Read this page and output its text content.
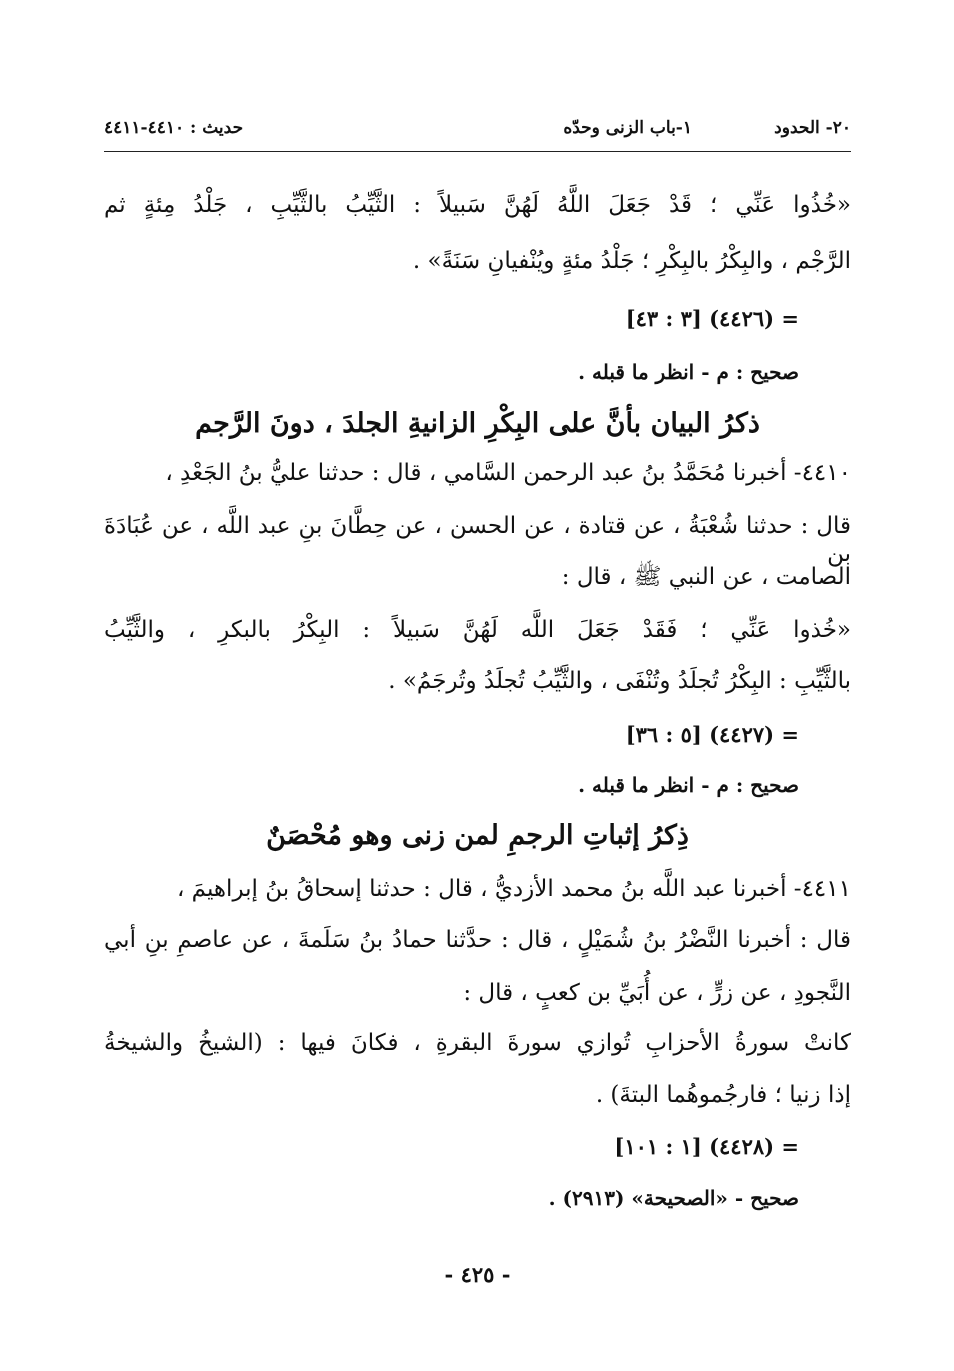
٢٠- الحدود
١-باب الزنى وحدّه
حديث : ٤٤١٠-٤٤١١
«خُذُوا عَنِّي ؛ قَدْ جَعَلَ اللَّهُ لَهُنَّ سَبيلاً : الثَّيِّبُ بالثَّيِّبِ ، جَلْدُ مِئةٍ ثم
الرَّجْم ، والبِكْرُ بالبِكْرِ ؛ جَلْدُ مئةٍ ويُنْفيانِ سَنَةً» .
= (٤٤٢٦) [٣ : ٤٣]
صحيح : م - انظر ما قبله .
ذكرُ البيان بأنَّ على البِكْرِ الزانيةِ الجلدَ ، دونَ الرَّجم
٤٤١٠- أخبرنا مُحَمَّدُ بنُ عبد الرحمن السَّامي ، قال : حدثنا عليُّ بنُ الجَعْدِ ،
قال : حدثنا شُعْبَةُ ، عن قتادة ، عن الحسن ، عن حِطَّانَ بنِ عبد اللَّه ، عن عُبَادَةَ بن
الصامت ، عن النبي ﷺ ، قال :
«خُذوا عَنِّي ؛ فَقَدْ جَعَلَ اللَّه لَهُنَّ سَبيلاً : البِكْرُ بالبكرِ ، والثَّيِّبُ
بالثَّيِّبِ : البِكْرُ تُجلَدُ وتُنْفَى ، والثَّيِّبُ تُجلَدُ وتُرجَمُ» .
= (٤٤٢٧) [٥ : ٣٦]
صحيح : م - انظر ما قبله .
ذِكرُ إثباتِ الرجمِ لمن زنى وهو مُحْصَنٌ
٤٤١١- أخبرنا عبد اللَّه بنُ محمد الأزديُّ ، قال : حدثنا إسحاقُ بنُ إبراهيمَ ،
قال : أخبرنا النَّضْرُ بنُ شُمَيْلٍ ، قال : حدَّثنا حمادُ بنُ سَلَمةَ ، عن عاصمِ بنِ أبي
النَّجودِ ، عن زرٍّ ، عن أُبَيِّ بن كعبٍ ، قال :
كانتْ سورةُ الأحزابِ تُوازي سورةَ البقرةِ ، فكانَ فيها : (الشيخُ والشيخةُ
إذا زنيا ؛ فارجُموهُما البتةَ) .
= (٤٤٢٨) [١ : ١٠١]
صحيح - «الصحيحة» (٢٩١٣) .
- ٤٢٥ -
